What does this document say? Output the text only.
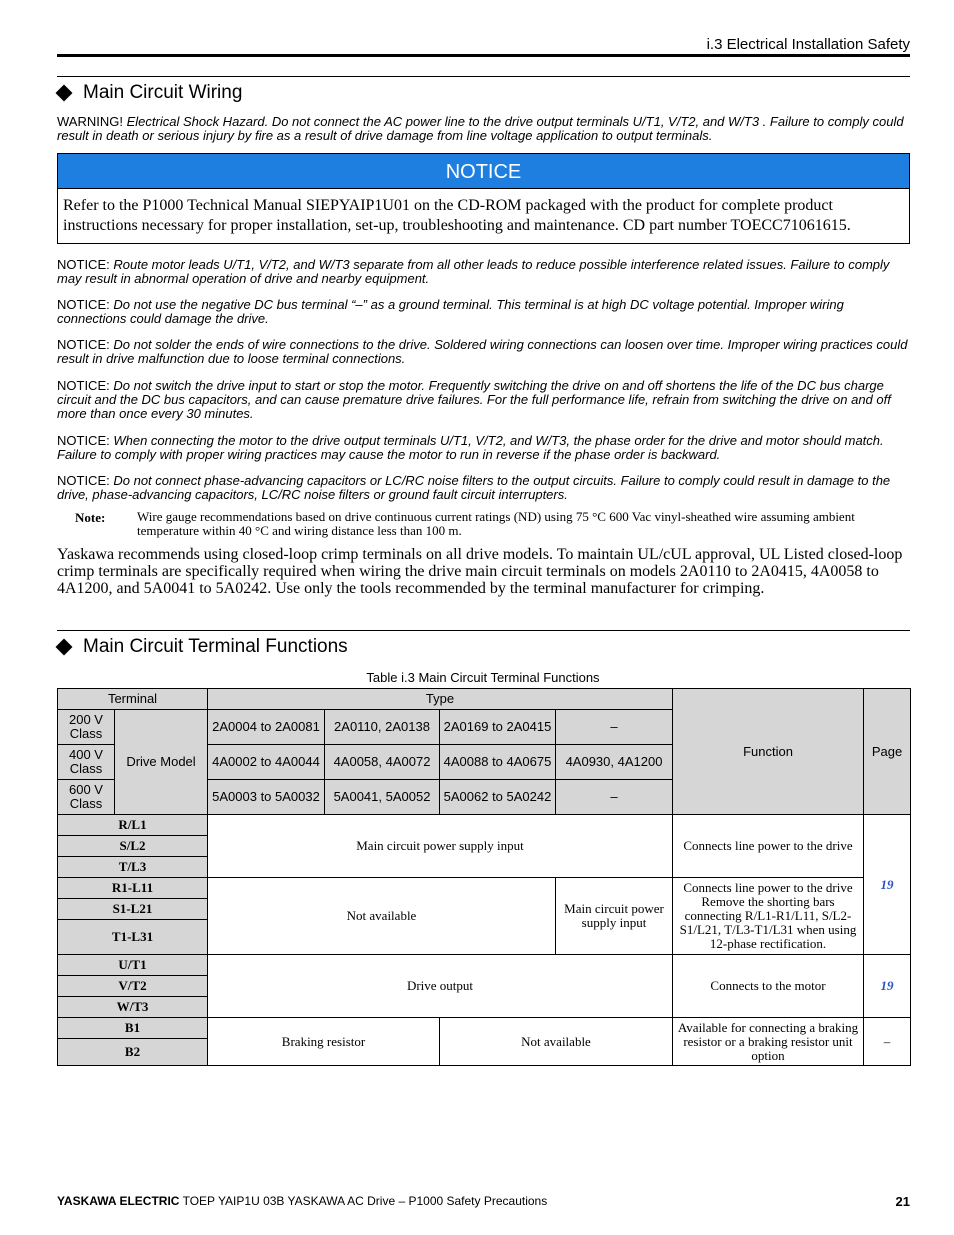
i.3 Electrical Installation Safety
Main Circuit Wiring
WARNING! Electrical Shock Hazard. Do not connect the AC power line to the drive output terminals U/T1, V/T2, and W/T3 . Failure to comply could result in death or serious injury by fire as a result of drive damage from line voltage application to output terminals.
NOTICE
Refer to the P1000 Technical Manual SIEPYAIP1U01 on the CD-ROM packaged with the product for complete product instructions necessary for proper installation, set-up, troubleshooting and maintenance. CD part number TOECC71061615.
NOTICE: Route motor leads U/T1, V/T2, and W/T3 separate from all other leads to reduce possible interference related issues. Failure to comply may result in abnormal operation of drive and nearby equipment.
NOTICE: Do not use the negative DC bus terminal “–” as a ground terminal. This terminal is at high DC voltage potential. Improper wiring connections could damage the drive.
NOTICE: Do not solder the ends of wire connections to the drive. Soldered wiring connections can loosen over time. Improper wiring practices could result in drive malfunction due to loose terminal connections.
NOTICE: Do not switch the drive input to start or stop the motor. Frequently switching the drive on and off shortens the life of the DC bus charge circuit and the DC bus capacitors, and can cause premature drive failures. For the full performance life, refrain from switching the drive on and off more than once every 30 minutes.
NOTICE: When connecting the motor to the drive output terminals U/T1, V/T2, and W/T3, the phase order for the drive and motor should match. Failure to comply with proper wiring practices may cause the motor to run in reverse if the phase order is backward.
NOTICE: Do not connect phase-advancing capacitors or LC/RC noise filters to the output circuits. Failure to comply could result in damage to the drive, phase-advancing capacitors, LC/RC noise filters or ground fault circuit interrupters.
Note: Wire gauge recommendations based on drive continuous current ratings (ND) using 75 °C 600 Vac vinyl-sheathed wire assuming ambient temperature within 40 °C and wiring distance less than 100 m.
Yaskawa recommends using closed-loop crimp terminals on all drive models. To maintain UL/cUL approval, UL Listed closed-loop crimp terminals are specifically required when wiring the drive main circuit terminals on models 2A0110 to 2A0415, 4A0058 to 4A1200, and 5A0041 to 5A0242. Use only the tools recommended by the terminal manufacturer for crimping.
Main Circuit Terminal Functions
Table i.3 Main Circuit Terminal Functions
Terminal		Type				Function	Page
200 V Class	Drive Model	2A0004 to 2A0081	2A0110, 2A0138	2A0169 to 2A0415	–		
400 V Class		4A0002 to 4A0044	4A0058, 4A0072	4A0088 to 4A0675	4A0930, 4A1200		
600 V Class		5A0003 to 5A0032	5A0041, 5A0052	5A0062 to 5A0242	–		
R/L1		Main circuit power supply input				Connects line power to the drive	19
S/L2							
T/L3							
R1-L11		Not available			Main circuit power supply input	Connects line power to the drive Remove the shorting bars connecting R/L1-R1/L11, S/L2-S1/L21, T/L3-T1/L31 when using 12-phase rectification.	
S1-L21							
T1-L31							
U/T1		Drive output				Connects to the motor	19
V/T2							
W/T3							
B1		Braking resistor		Not available		Available for connecting a braking resistor or a braking resistor unit option	–
B2							
YASKAWA ELECTRIC TOEP YAIP1U 03B YASKAWA AC Drive – P1000 Safety Precautions	21
